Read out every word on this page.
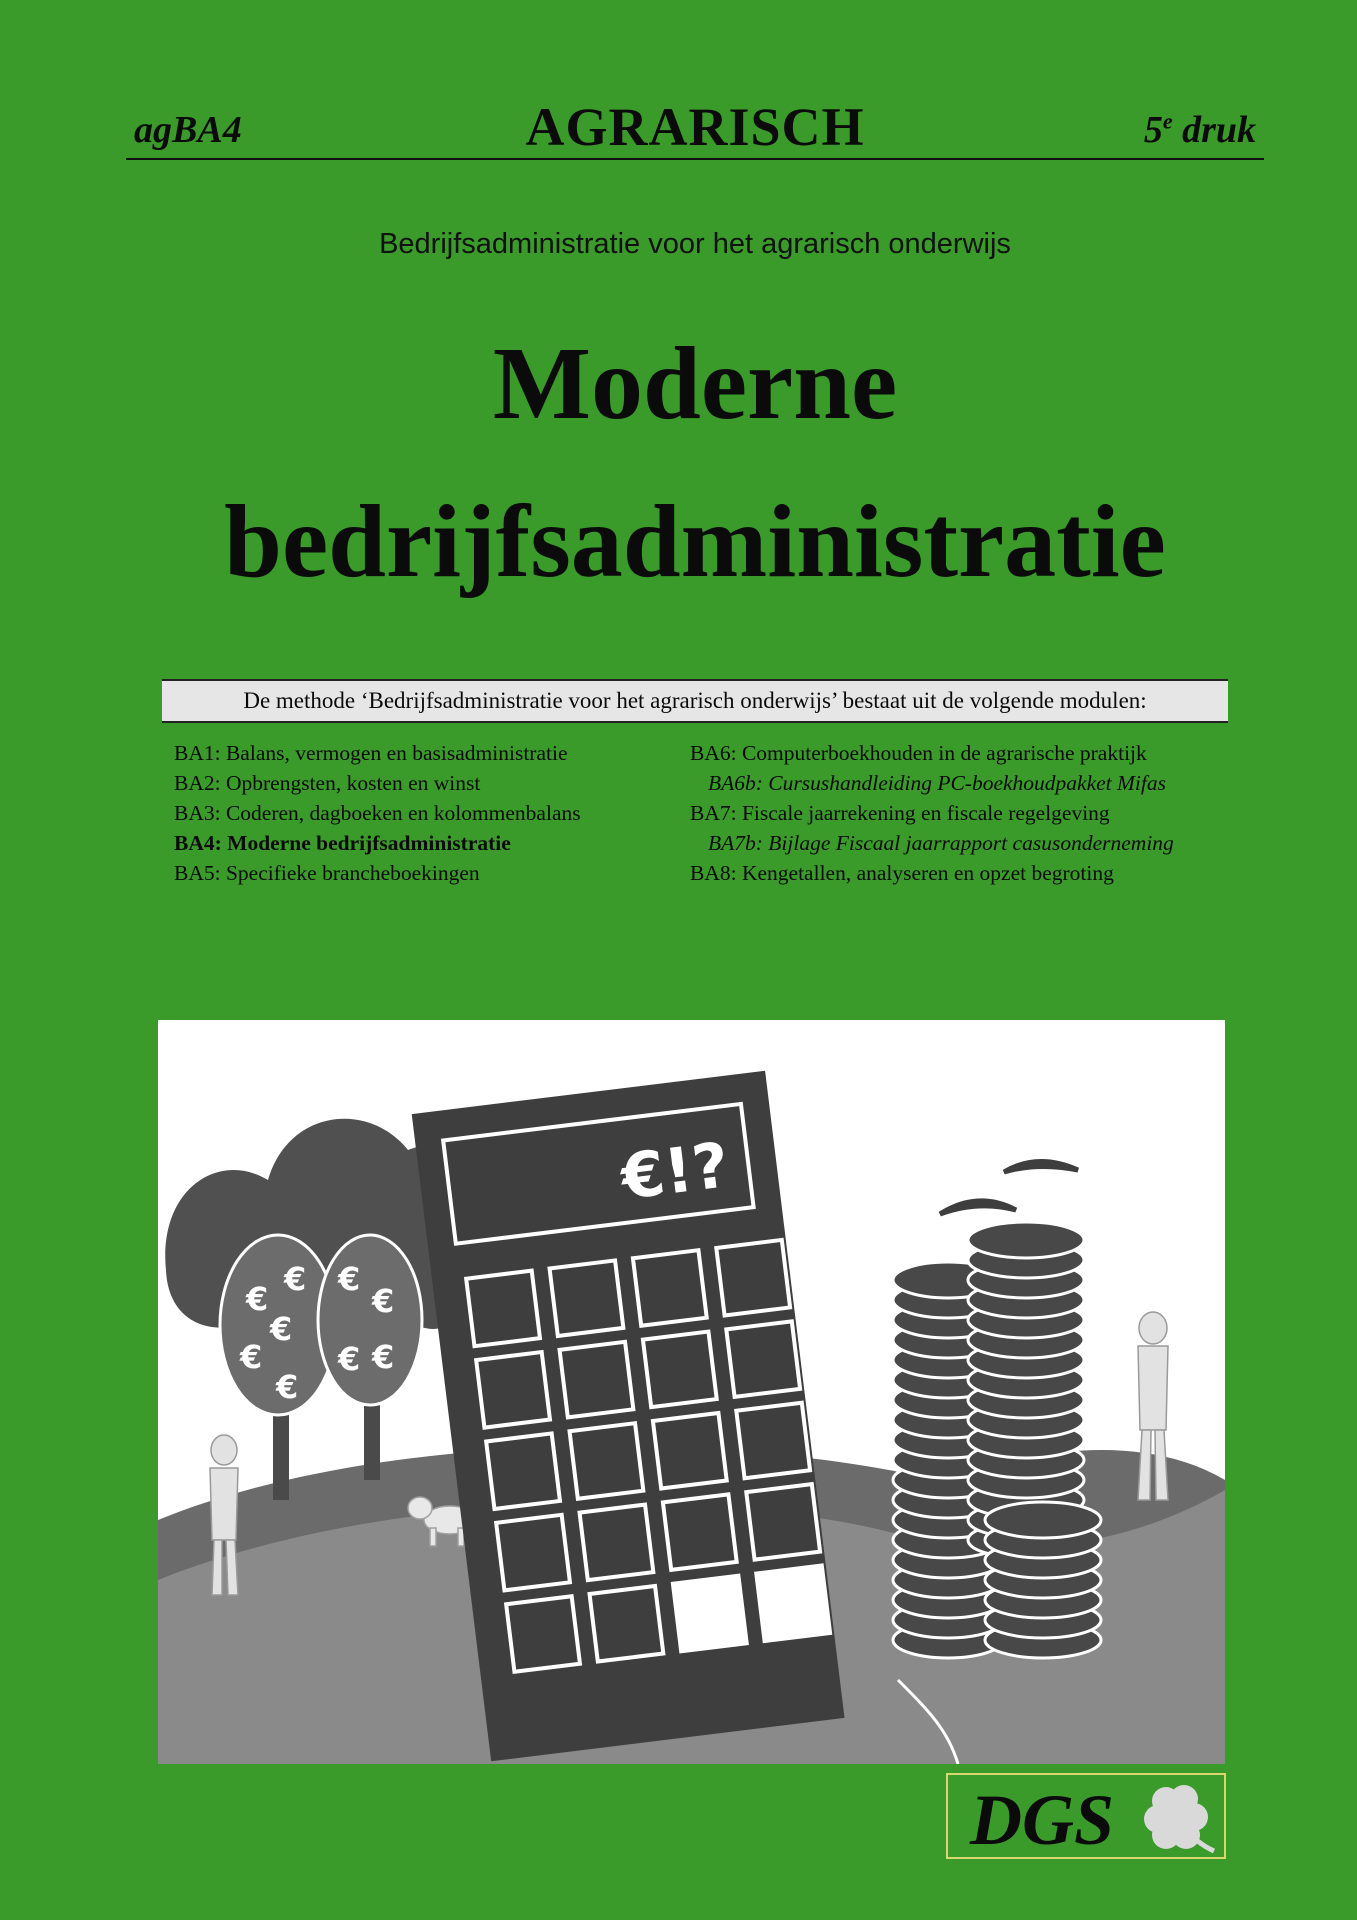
agBA4	AGRARISCH	5e druk
Bedrijfsadministratie voor het agrarisch onderwijs
Moderne
bedrijfsadministratie
De methode ‘Bedrijfsadministratie voor het agrarisch onderwijs’ bestaat uit de volgende modulen:
BA1: Balans, vermogen en basisadministratie
BA2: Opbrengsten, kosten en winst
BA3: Coderen, dagboeken en kolommenbalans
BA4: Moderne bedrijfsadministratie
BA5: Specifieke brancheboekingen
BA6: Computerboekhouden in de agrarische praktijk
BA6b: Cursushandleiding PC-boekhoudpakket Mifas
BA7: Fiscale jaarrekening en fiscale regelgeving
BA7b: Bijlage Fiscaal jaarrapport casusonderneming
BA8: Kengetallen, analyseren en opzet begroting
€
€
€
€
€
€
€
€ €
€!?
DGS
